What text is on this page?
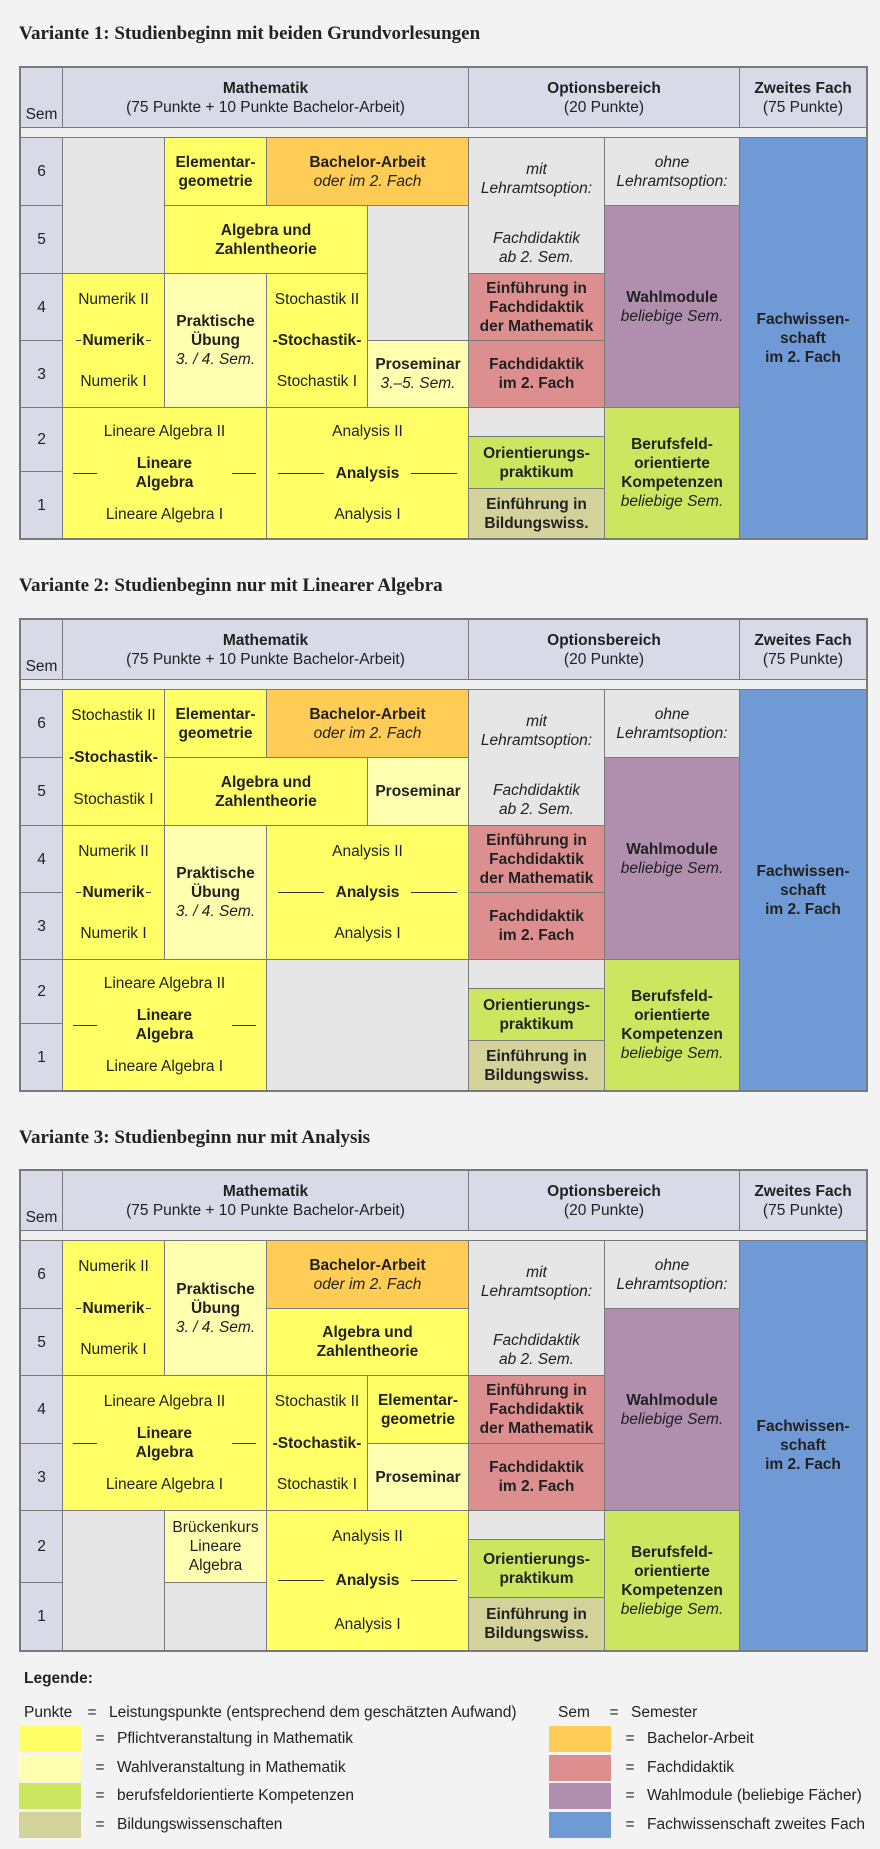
Variante 1: Studienbeginn mit beiden Grundvorlesungen
Sem
Mathematik
(75 Punkte + 10 Punkte Bachelor-Arbeit)
Optionsbereich
(20 Punkte)
Zweites Fach
(75 Punkte)
6
5
4
3
2
1
Elementar-
geometrie
Bachelor-Arbeit
oder im 2. Fach
Algebra und
Zahlentheorie
Numerik II
Numerik
Numerik I
Praktische
Übung
3. / 4. Sem.
Stochastik II
-Stochastik-
Stochastik I
Proseminar
3.–5. Sem.
Lineare Algebra II
Lineare Algebra
Lineare Algebra I
Analysis II
Analysis
Analysis I
mit
Lehramtsoption:
Fachdidaktik
ab 2. Sem.
ohne
Lehramtsoption:
Einführung in
Fachdidaktik
der Mathematik
Fachdidaktik
im 2. Fach
Wahlmodule
beliebige Sem.
Orientierungs-
praktikum
Einführung in
Bildungswiss.
Berufsfeld-
orientierte
Kompetenzen
beliebige Sem.
Fachwissen-
schaft
im 2. Fach
Variante 2: Studienbeginn nur mit Linearer Algebra
Sem
Mathematik
(75 Punkte + 10 Punkte Bachelor-Arbeit)
Optionsbereich
(20 Punkte)
Zweites Fach
(75 Punkte)
6
5
4
3
2
1
Stochastik II
-Stochastik-
Stochastik I
Elementar-
geometrie
Bachelor-Arbeit
oder im 2. Fach
Algebra und
Zahlentheorie
Proseminar
Numerik II
Numerik
Numerik I
Praktische
Übung
3. / 4. Sem.
Analysis II
Analysis
Analysis I
Lineare Algebra II
Lineare Algebra
Lineare Algebra I
mit
Lehramtsoption:
Fachdidaktik
ab 2. Sem.
ohne
Lehramtsoption:
Einführung in
Fachdidaktik
der Mathematik
Fachdidaktik
im 2. Fach
Wahlmodule
beliebige Sem.
Orientierungs-
praktikum
Einführung in
Bildungswiss.
Berufsfeld-
orientierte
Kompetenzen
beliebige Sem.
Fachwissen-
schaft
im 2. Fach
Variante 3: Studienbeginn nur mit Analysis
Sem
Mathematik
(75 Punkte + 10 Punkte Bachelor-Arbeit)
Optionsbereich
(20 Punkte)
Zweites Fach
(75 Punkte)
6
5
4
3
2
1
Numerik II
Numerik
Numerik I
Praktische
Übung
3. / 4. Sem.
Bachelor-Arbeit
oder im 2. Fach
Algebra und
Zahlentheorie
Lineare Algebra II
Lineare Algebra
Lineare Algebra I
Stochastik II
-Stochastik-
Stochastik I
Elementar-
geometrie
Proseminar
Brückenkurs
Lineare
Algebra
Analysis II
Analysis
Analysis I
mit
Lehramtsoption:
Fachdidaktik
ab 2. Sem.
ohne
Lehramtsoption:
Einführung in
Fachdidaktik
der Mathematik
Fachdidaktik
im 2. Fach
Wahlmodule
beliebige Sem.
Orientierungs-
praktikum
Einführung in
Bildungswiss.
Berufsfeld-
orientierte
Kompetenzen
beliebige Sem.
Fachwissen-
schaft
im 2. Fach
Legende:
Punkte = Leistungspunkte (entsprechend dem geschätzten Aufwand)	Sem	= Semester
= Pflichtveranstaltung in Mathematik
= Wahlveranstaltung in Mathematik
= berufsfeldorientierte Kompetenzen
= Bildungswissenschaften
= Bachelor-Arbeit
= Fachdidaktik
= Wahlmodule (beliebige Fächer)
= Fachwissenschaft zweites Fach
